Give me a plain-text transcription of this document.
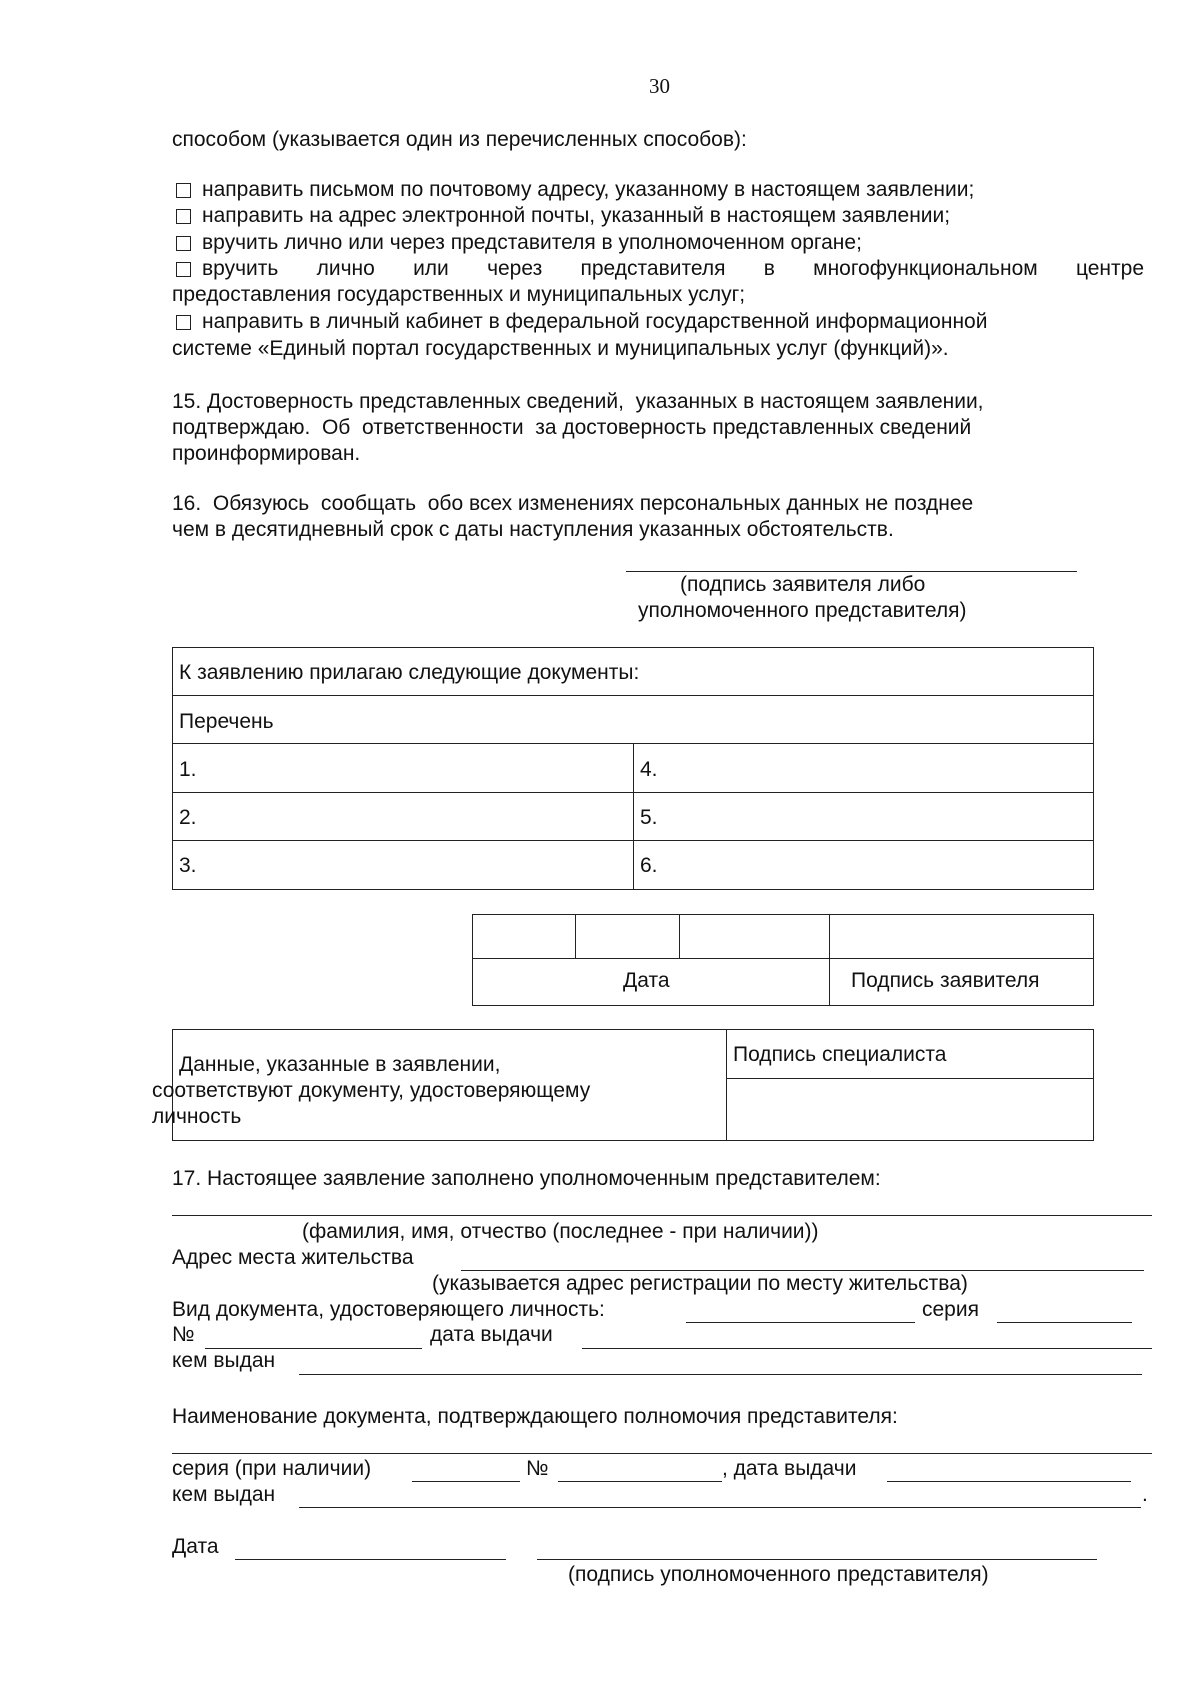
30
способом (указывается один из перечисленных способов):
направить письмом по почтовому адресу, указанному в настоящем заявлении;
направить на адрес электронной почты, указанный в настоящем заявлении;
вручить лично или через представителя в уполномоченном органе;
вручить лично или через представителя в многофункциональном центре
предоставления государственных и муниципальных услуг;
направить в личный кабинет в федеральной государственной информационной
системе «Единый портал государственных и муниципальных услуг (функций)».
15. Достоверность представленных сведений,  указанных в настоящем заявлении,
подтверждаю.  Об  ответственности  за достоверность представленных сведений
проинформирован.
16.  Обязуюсь  сообщать  обо всех изменениях персональных данных не позднее
чем в десятидневный срок с даты наступления указанных обстоятельств.
(подпись заявителя либо
уполномоченного представителя)
К заявлению прилагаю следующие документы:
Перечень
1.	4.
2.	5.
3.	6.
Дата	Подпись заявителя
Данные, указанные в заявлении,
соответствуют документу, удостоверяющему
личность
Подпись специалиста
17. Настоящее заявление заполнено уполномоченным представителем:
(фамилия, имя, отчество (последнее - при наличии))
Адрес места жительства
(указывается адрес регистрации по месту жительства)
Вид документа, удостоверяющего личность:	серия
№	дата выдачи
кем выдан
Наименование документа, подтверждающего полномочия представителя:
серия (при наличии)	№	, дата выдачи
кем выдан	.
Дата
(подпись уполномоченного представителя)
